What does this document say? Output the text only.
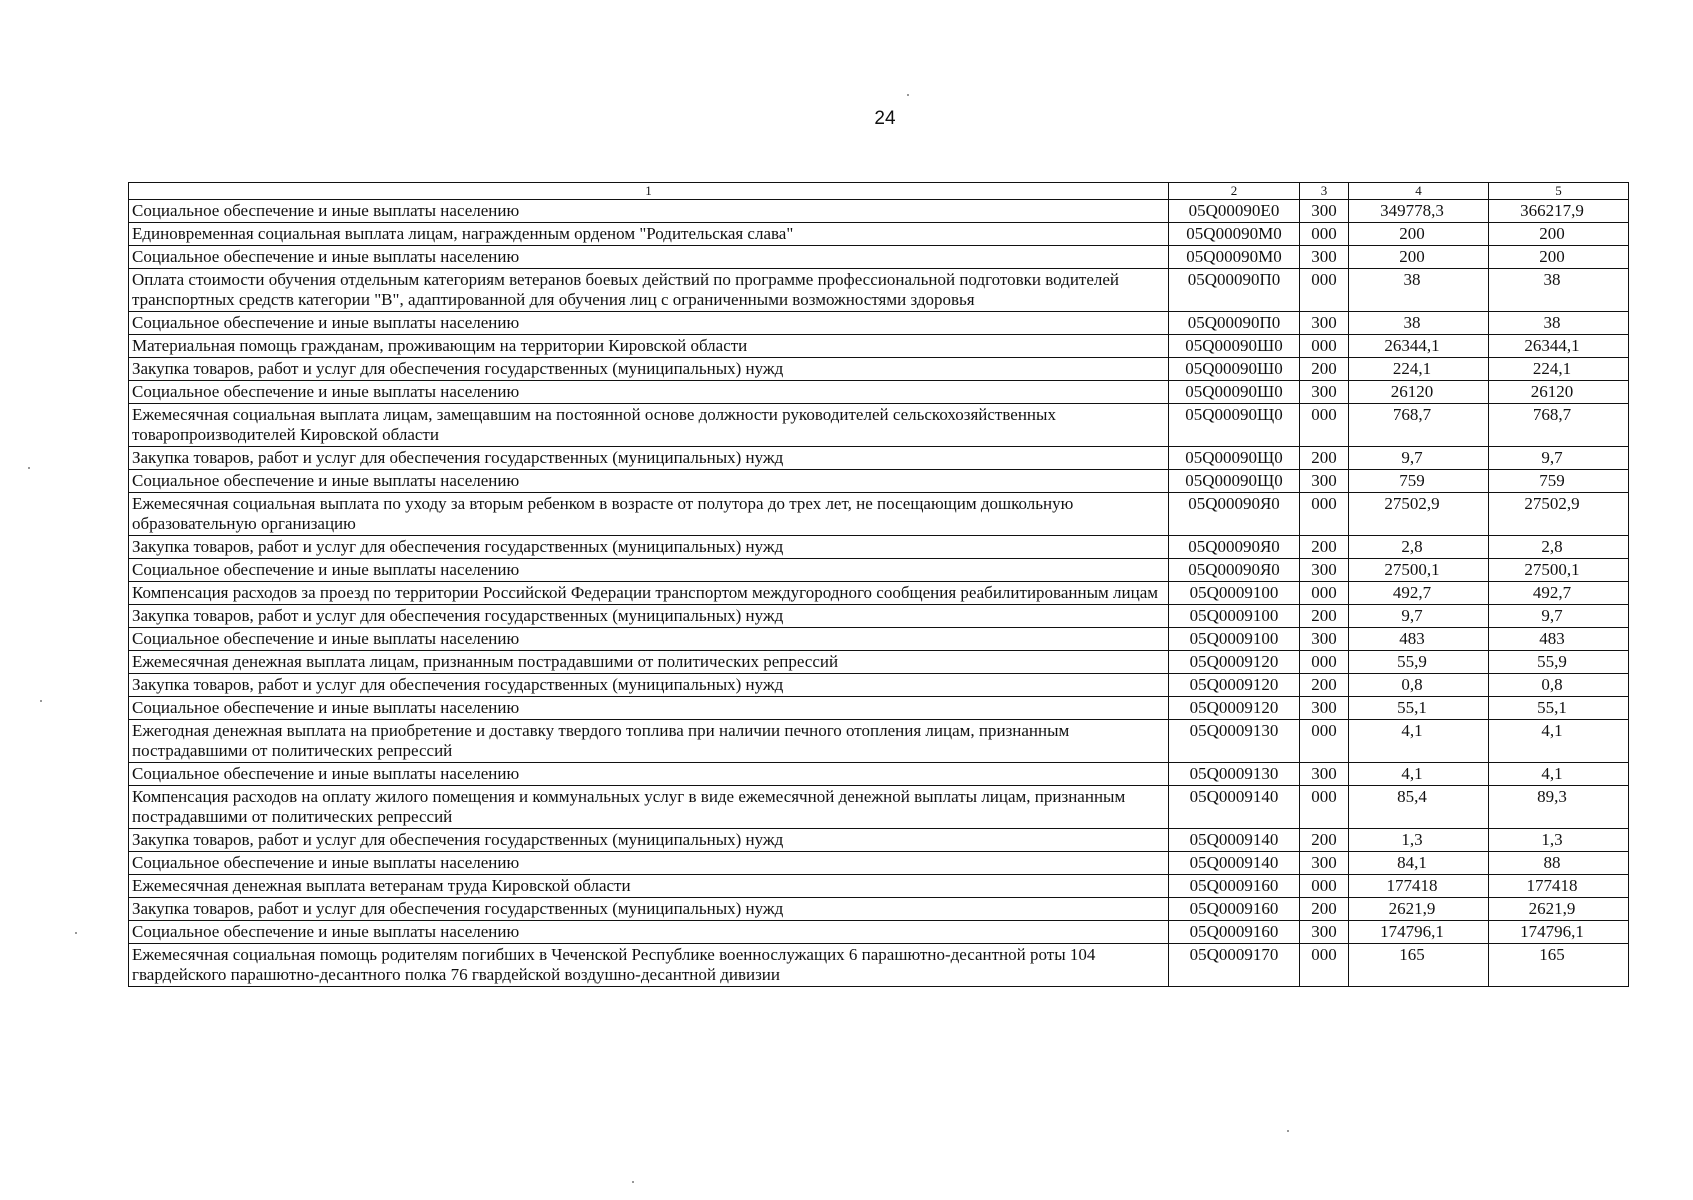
24
1	2	3	4	5
Социальное обеспечение и иные выплаты населению	05Q00090E0	300	349778,3	366217,9
Единовременная социальная выплата лицам, награжденным орденом "Родительская слава"	05Q00090M0	000	200	200
Социальное обеспечение и иные выплаты населению	05Q00090M0	300	200	200
Оплата стоимости обучения отдельным категориям ветеранов боевых действий по программе профессиональной подготовки водителей транспортных средств категории "В", адаптированной для обучения лиц с ограниченными возможностями здоровья	05Q00090П0	000	38	38
Социальное обеспечение и иные выплаты населению	05Q00090П0	300	38	38
Материальная помощь гражданам, проживающим на территории Кировской области	05Q00090Ш0	000	26344,1	26344,1
Закупка товаров, работ и услуг для обеспечения государственных (муниципальных) нужд	05Q00090Ш0	200	224,1	224,1
Социальное обеспечение и иные выплаты населению	05Q00090Ш0	300	26120	26120
Ежемесячная социальная выплата лицам, замещавшим на постоянной основе должности руководителей сельскохозяйственных товаропроизводителей Кировской области	05Q00090Щ0	000	768,7	768,7
Закупка товаров, работ и услуг для обеспечения государственных (муниципальных) нужд	05Q00090Щ0	200	9,7	9,7
Социальное обеспечение и иные выплаты населению	05Q00090Щ0	300	759	759
Ежемесячная социальная выплата по уходу за вторым ребенком в возрасте от полутора до трех лет, не посещающим дошкольную образовательную организацию	05Q00090Я0	000	27502,9	27502,9
Закупка товаров, работ и услуг для обеспечения государственных (муниципальных) нужд	05Q00090Я0	200	2,8	2,8
Социальное обеспечение и иные выплаты населению	05Q00090Я0	300	27500,1	27500,1
Компенсация расходов за проезд по территории Российской Федерации транспортом междугородного сообщения реабилитированным лицам	05Q0009100	000	492,7	492,7
Закупка товаров, работ и услуг для обеспечения государственных (муниципальных) нужд	05Q0009100	200	9,7	9,7
Социальное обеспечение и иные выплаты населению	05Q0009100	300	483	483
Ежемесячная денежная выплата лицам, признанным пострадавшими от политических репрессий	05Q0009120	000	55,9	55,9
Закупка товаров, работ и услуг для обеспечения государственных (муниципальных) нужд	05Q0009120	200	0,8	0,8
Социальное обеспечение и иные выплаты населению	05Q0009120	300	55,1	55,1
Ежегодная денежная выплата на приобретение и доставку твердого топлива при наличии печного отопления лицам, признанным пострадавшими от политических репрессий	05Q0009130	000	4,1	4,1
Социальное обеспечение и иные выплаты населению	05Q0009130	300	4,1	4,1
Компенсация расходов на оплату жилого помещения и коммунальных услуг в виде ежемесячной денежной выплаты лицам, признанным пострадавшими от политических репрессий	05Q0009140	000	85,4	89,3
Закупка товаров, работ и услуг для обеспечения государственных (муниципальных) нужд	05Q0009140	200	1,3	1,3
Социальное обеспечение и иные выплаты населению	05Q0009140	300	84,1	88
Ежемесячная денежная выплата ветеранам труда Кировской области	05Q0009160	000	177418	177418
Закупка товаров, работ и услуг для обеспечения государственных (муниципальных) нужд	05Q0009160	200	2621,9	2621,9
Социальное обеспечение и иные выплаты населению	05Q0009160	300	174796,1	174796,1
Ежемесячная социальная помощь родителям погибших в Чеченской Республике военнослужащих 6 парашютно-десантной роты 104 гвардейского парашютно-десантного полка 76 гвардейской воздушно-десантной дивизии	05Q0009170	000	165	165
